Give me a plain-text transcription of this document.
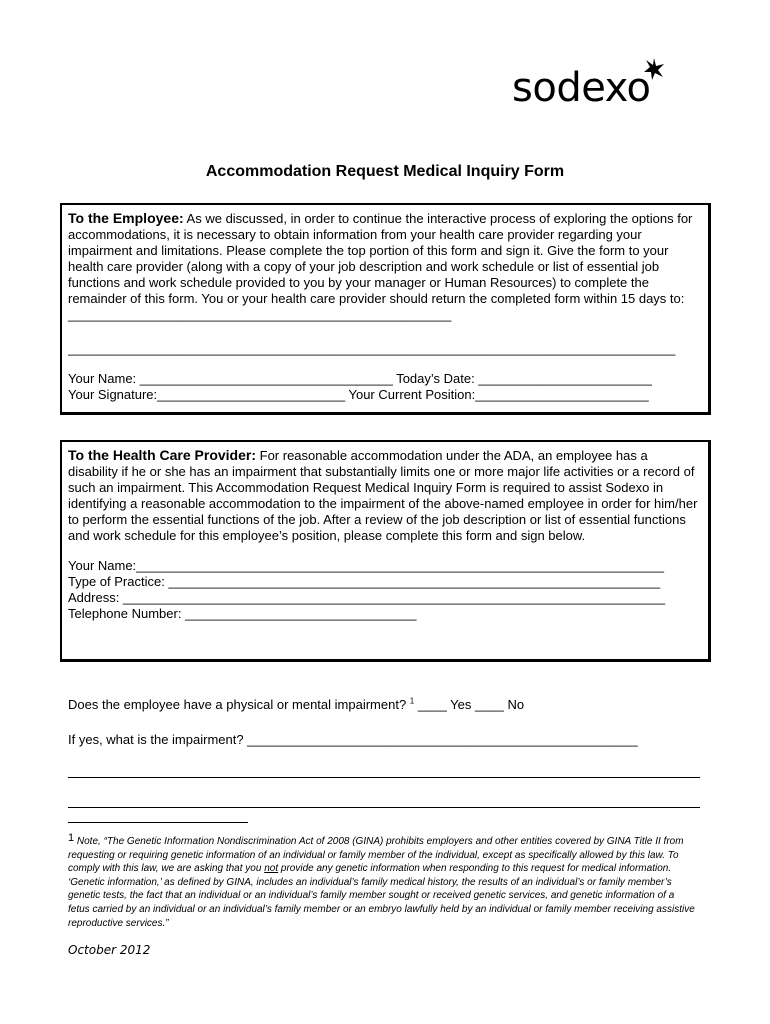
sodexo
Accommodation Request Medical Inquiry Form

To the Employee: As we discussed, in order to continue the interactive process of exploring the options for accommodations, it is necessary to obtain information from your health care provider regarding your impairment and limitations. Please complete the top portion of this form and sign it. Give the form to your health care provider (along with a copy of your job description and work schedule or list of essential job functions and work schedule provided to you by your manager or Human Resources) to complete the remainder of this form. You or your health care provider should return the completed form within 15 days to: _____________________________________________________

____________________________________________________________________________________

Your Name: ___________________________________ Today’s Date: ________________________

Your Signature:__________________________ Your Current Position:________________________

To the Health Care Provider: For reasonable accommodation under the ADA, an employee has a disability if he or she has an impairment that substantially limits one or more major life activities or a record of such an impairment. This Accommodation Request Medical Inquiry Form is required to assist Sodexo in identifying a reasonable accommodation to the impairment of the above-named employee in order for him/her to perform the essential functions of the job. After a review of the job description or list of essential functions and work schedule for this employee’s position, please complete this form and sign below.

Your Name:_________________________________________________________________________

Type of Practice: ____________________________________________________________________

Address: ___________________________________________________________________________

Telephone Number: ________________________________

Does the employee have a physical or mental impairment? $^1$ ____ Yes ____ No
If yes, what is the impairment? ______________________________________________________
1 Note, “The Genetic Information Nondiscrimination Act of 2008 (GINA) prohibits employers and other entities covered by GINA Title II from requesting or requiring genetic information of an individual or family member of the individual, except as specifically allowed by this law. To comply with this law, we are asking that you not provide any genetic information when responding to this request for medical information. ‘Genetic information,’ as defined by GINA, includes an individual’s family medical history, the results of an individual’s or family member’s genetic tests, the fact that an individual or an individual’s family member sought or received genetic services, and genetic information of a fetus carried by an individual or an individual’s family member or an embryo lawfully held by an individual or family member receiving assistive reproductive services.”
October 2012
